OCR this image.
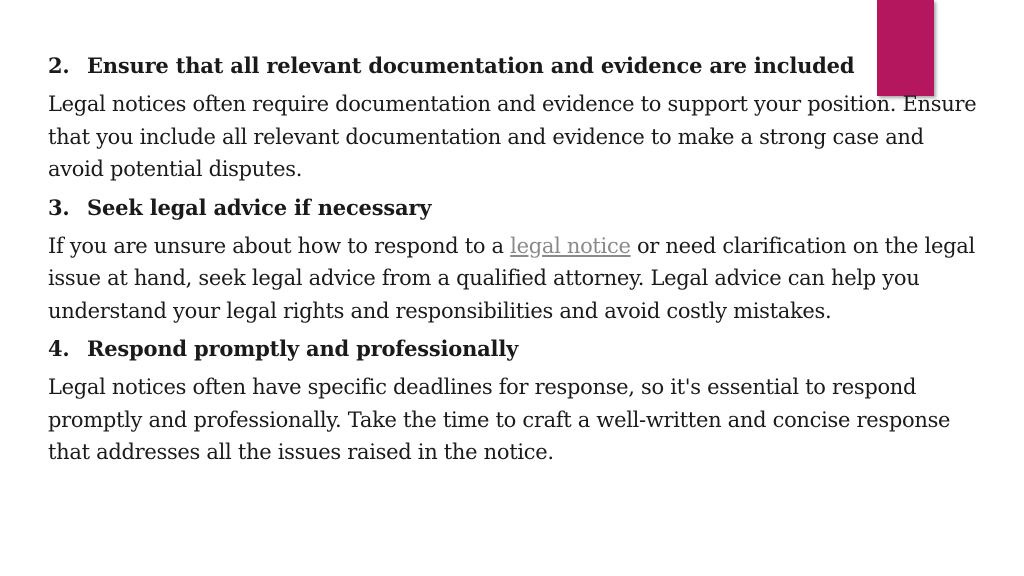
2. Ensure that all relevant documentation and evidence are included

Legal notices often require documentation and evidence to support your position. Ensure that you include all relevant documentation and evidence to make a strong case and avoid potential disputes.

3. Seek legal advice if necessary

If you are unsure about how to respond to a legal notice or need clarification on the legal issue at hand, seek legal advice from a qualified attorney. Legal advice can help you understand your legal rights and responsibilities and avoid costly mistakes.

4. Respond promptly and professionally

Legal notices often have specific deadlines for response, so it's essential to respond promptly and professionally. Take the time to craft a well-written and concise response that addresses all the issues raised in the notice.
